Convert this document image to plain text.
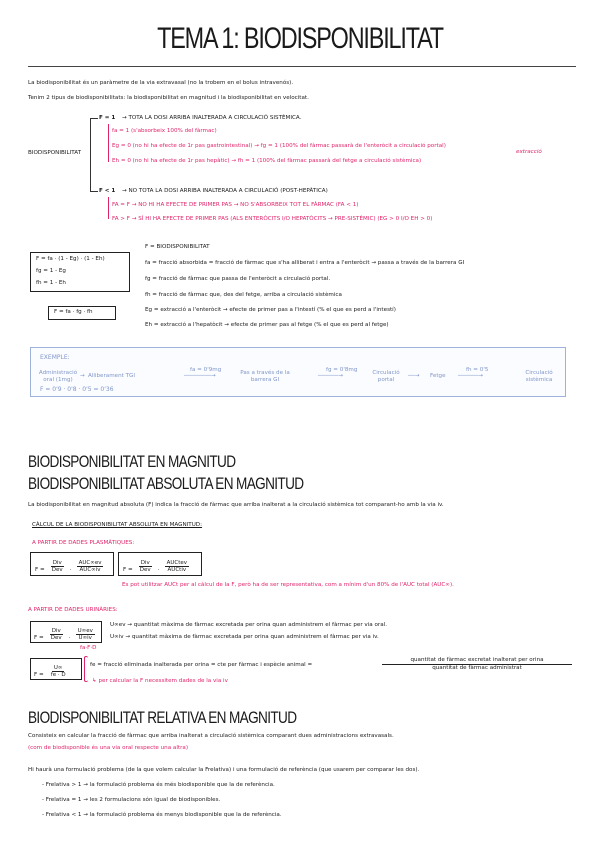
TEMA 1: BIODISPONIBILITAT
La biodisponibilitat és un paràmetre de la via extravasal (no la trobem en el bolus intravenós).
Tenim 2 tipus de biodisponibilitats: la biodisponibilitat en magnitud i la biodisponibilitat en velocitat.
BIODISPONIBILITAT
F = 1 → TOTA LA DOSI ARRIBA INALTERADA A CIRCULACIÓ SISTÈMICA.
fa = 1 (s'absorbeix 100% del fàrmac)
Eg = 0 (no hi ha efecte de 1r pas gastrointestinal) → fg = 1 (100% del fàrmac passarà de l'enteròcit a circulació portal)
Eh = 0 (no hi ha efecte de 1r pas hepàtic) → fh = 1 (100% del fàrmac passarà del fetge a circulació sistèmica)
extracció
F < 1 → NO TOTA LA DOSI ARRIBA INALTERADA A CIRCULACIÓ (POST-HEPÀTICA)
FA = F → NO HI HA EFECTE DE PRIMER PAS → NO S'ABSORBEIX TOT EL FÀRMAC (FA < 1)
FA > F → SÍ HI HA EFECTE DE PRIMER PAS (ALS ENTERÒCITS I/O HEPATÒCITS → PRE-SISTÈMIC) (EG > 0 I/O EH > 0)
F = fa · (1 - Eg) · (1 - Eh)
fg = 1 - Eg
fh = 1 - Eh
F = fa · fg · fh
F = BIODISPONIBILITAT
fa = fracció absorbida = fracció de fàrmac que s'ha alliberat i entra a l'enteròcit → passa a través de la barrera GI
fg = fracció de fàrmac que passa de l'enteròcit a circulació portal.
fh = fracció de fàrmac que, des del fetge, arriba a circulació sistèmica
Eg = extracció a l'enteròcit → efecte de primer pas a l'intestí (% el que es perd a l'intestí)
Eh = extracció a l'hepatòcit → efecte de primer pas al fetge (% el que es perd al fetge)
EXEMPLE:
Administració oral (1mg)
→ Alliberament TGI
fa = 0'9mg
────────→	Pas a través de la barrera GI
fg = 0'8mg
──────→	Circulació portal
──→ Fetge
fh = 0'5
──────→	Circulació sistèmica
F = 0'9 · 0'8 · 0'5 = 0'36
BIODISPONIBILITAT EN MAGNITUD
BIODISPONIBILITAT ABSOLUTA EN MAGNITUD
La biodisponibilitat en magnitud absoluta (F) indica la fracció de fàrmac que arriba inalterat a la circulació sistèmica tot comparant-ho amb la via iv.
CÀLCUL DE LA BIODISPONIBILITAT ABSOLUTA EN MAGNITUD:
A PARTIR DE DADES PLASMÀTIQUES:
$F = \frac{\text{Div}}{\text{Dev}} \cdot \frac{\text{AUC∞ev}}{\text{AUC∞iv}}$	$F = \frac{\text{Div}}{\text{Dev}} \cdot \frac{\text{AUCtev}}{\text{AUCtiv}}$
Es pot utilitzar AUCt per al càlcul de la F, però ha de ser representativa, com a mínim d'un 80% de l'AUC total (AUC∞).
A PARTIR DE DADES URINÀRIES:
$F = \frac{\text{Div}}{\text{Dev}} \cdot \frac{U\infty ev}{U\infty iv}$
fa·F·D
U∞ev → quantitat màxima de fàrmac excretada per orina quan administrem el fàrmac per via oral.
U∞iv → quantitat màxima de fàrmac excretada per orina quan administrem el fàrmac per via iv.
$F = \frac{U\infty}{fe \cdot D}$	fe = fracció eliminada inalterada per orina = cte per fàrmac i espècie animal =
quantitat de fàrmac excretat inalterat per orina
quantitat de fàrmac administrat
↳ per calcular la F necessitem dades de la via iv
BIODISPONIBILITAT RELATIVA EN MAGNITUD
Consisteix en calcular la fracció de fàrmac que arriba inalterat a circulació sistèmica comparant dues administracions extravasals.
(com de biodisponible és una via oral respecte una altra)
Hi haurà una formulació problema (de la que volem calcular la Frelativa) i una formulació de referència (que usarem per comparar les dos).
- Frelativa > 1 → la formulació problema és més biodisponible que la de referència.
- Frelativa = 1 → les 2 formulacions són igual de biodisponibles.
- Frelativa < 1 → la formulació problema és menys biodisponible que la de referència.
